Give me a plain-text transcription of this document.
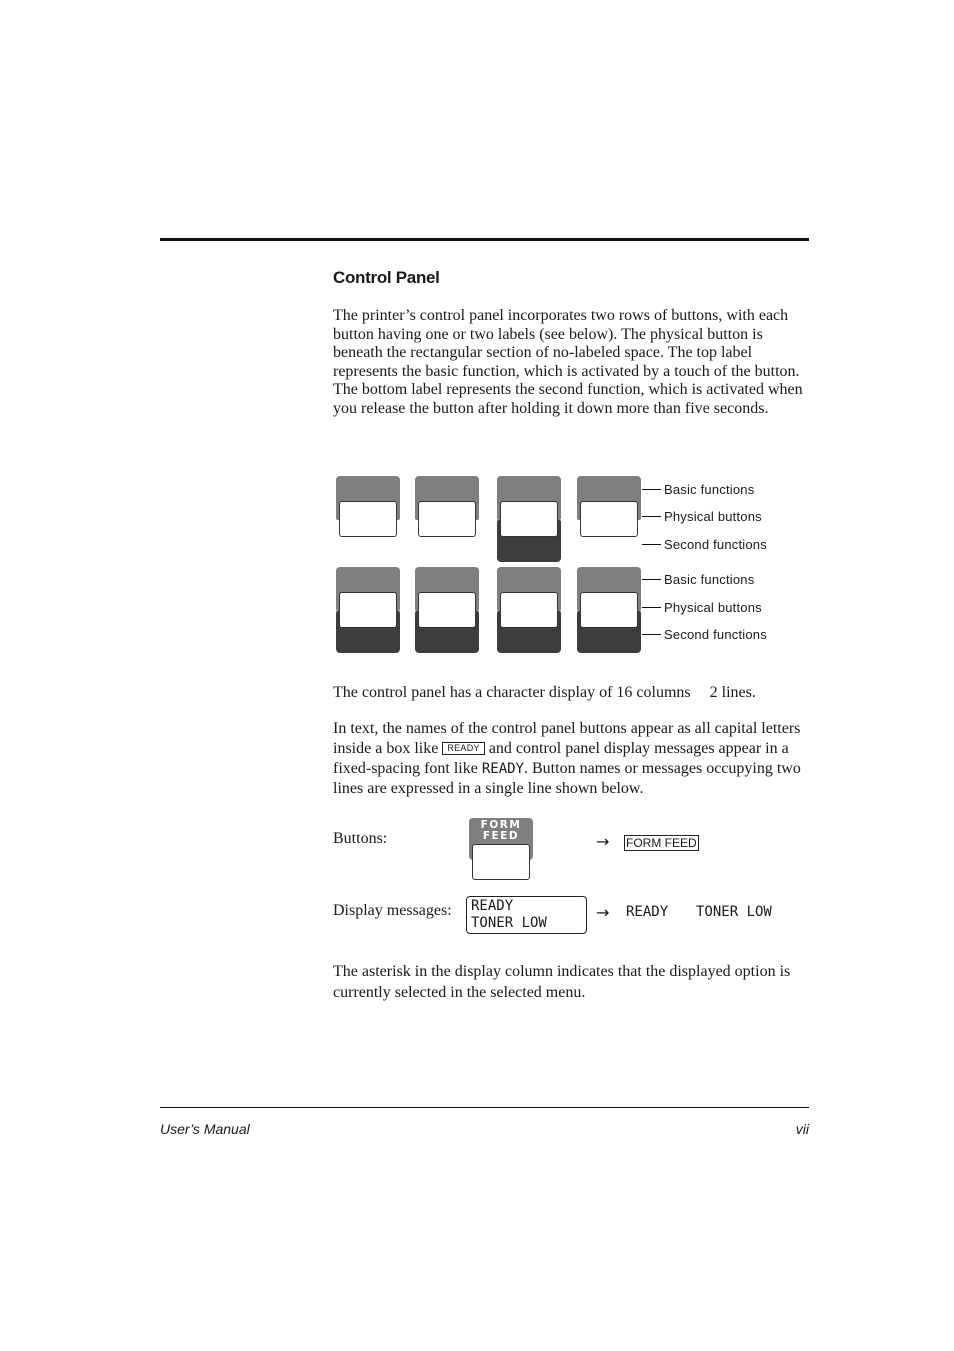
Control Panel
The printer’s control panel incorporates two rows of buttons, with each button having one or two labels (see below). The physical button is beneath the rectangular section of no-labeled space. The top label represents the basic function, which is activated by a touch of the button. The bottom label represents the second function, which is activated when you release the button after holding it down more than five seconds.
Basic functions
Physical buttons
Second functions
Basic functions
Physical buttons
Second functions
The control panel has a character display of 16 columns 2 lines.
In text, the names of the control panel buttons appear as all capital letters inside a box like READY and control panel display messages appear in a fixed-spacing font like READY. Button names or messages occupying two lines are expressed in a single line shown below.
Buttons:
FORM
FEED	→ FORM FEED
Display messages: READY
TONER LOW
→ READY TONER LOW
The asterisk in the display column indicates that the displayed option is currently selected in the selected menu.
User’s Manual	vii
